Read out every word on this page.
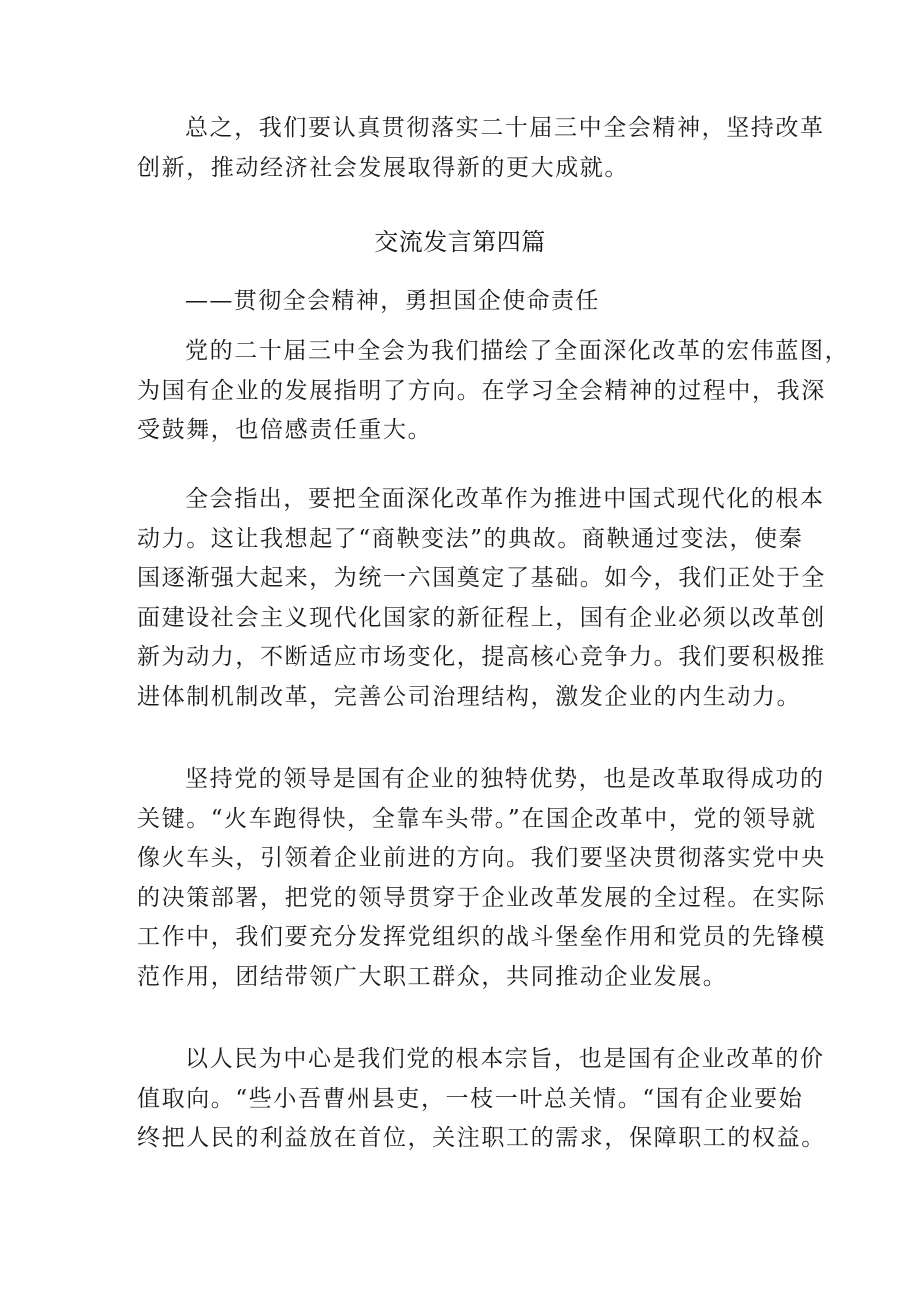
总之，我们要认真贯彻落实二十届三中全会精神，坚持改革
创新，推动经济社会发展取得新的更大成就。

交流发言第四篇

——贯彻全会精神，勇担国企使命责任

党的二十届三中全会为我们描绘了全面深化改革的宏伟蓝图，
为国有企业的发展指明了方向。在学习全会精神的过程中，我深
受鼓舞，也倍感责任重大。

全会指出，要把全面深化改革作为推进中国式现代化的根本
动力。这让我想起了“商鞅变法”的典故。商鞅通过变法，使秦
国逐渐强大起来，为统一六国奠定了基础。如今，我们正处于全
面建设社会主义现代化国家的新征程上，国有企业必须以改革创
新为动力，不断适应市场变化，提高核心竞争力。我们要积极推
进体制机制改革，完善公司治理结构，激发企业的内生动力。

坚持党的领导是国有企业的独特优势，也是改革取得成功的
关键。“火车跑得快，全靠车头带。”在国企改革中，党的领导就
像火车头，引领着企业前进的方向。我们要坚决贯彻落实党中央
的决策部署，把党的领导贯穿于企业改革发展的全过程。在实际
工作中，我们要充分发挥党组织的战斗堡垒作用和党员的先锋模
范作用，团结带领广大职工群众，共同推动企业发展。

以人民为中心是我们党的根本宗旨，也是国有企业改革的价
值取向。“些小吾曹州县吏，一枝一叶总关情。“国有企业要始
终把人民的利益放在首位，关注职工的需求，保障职工的权益。
